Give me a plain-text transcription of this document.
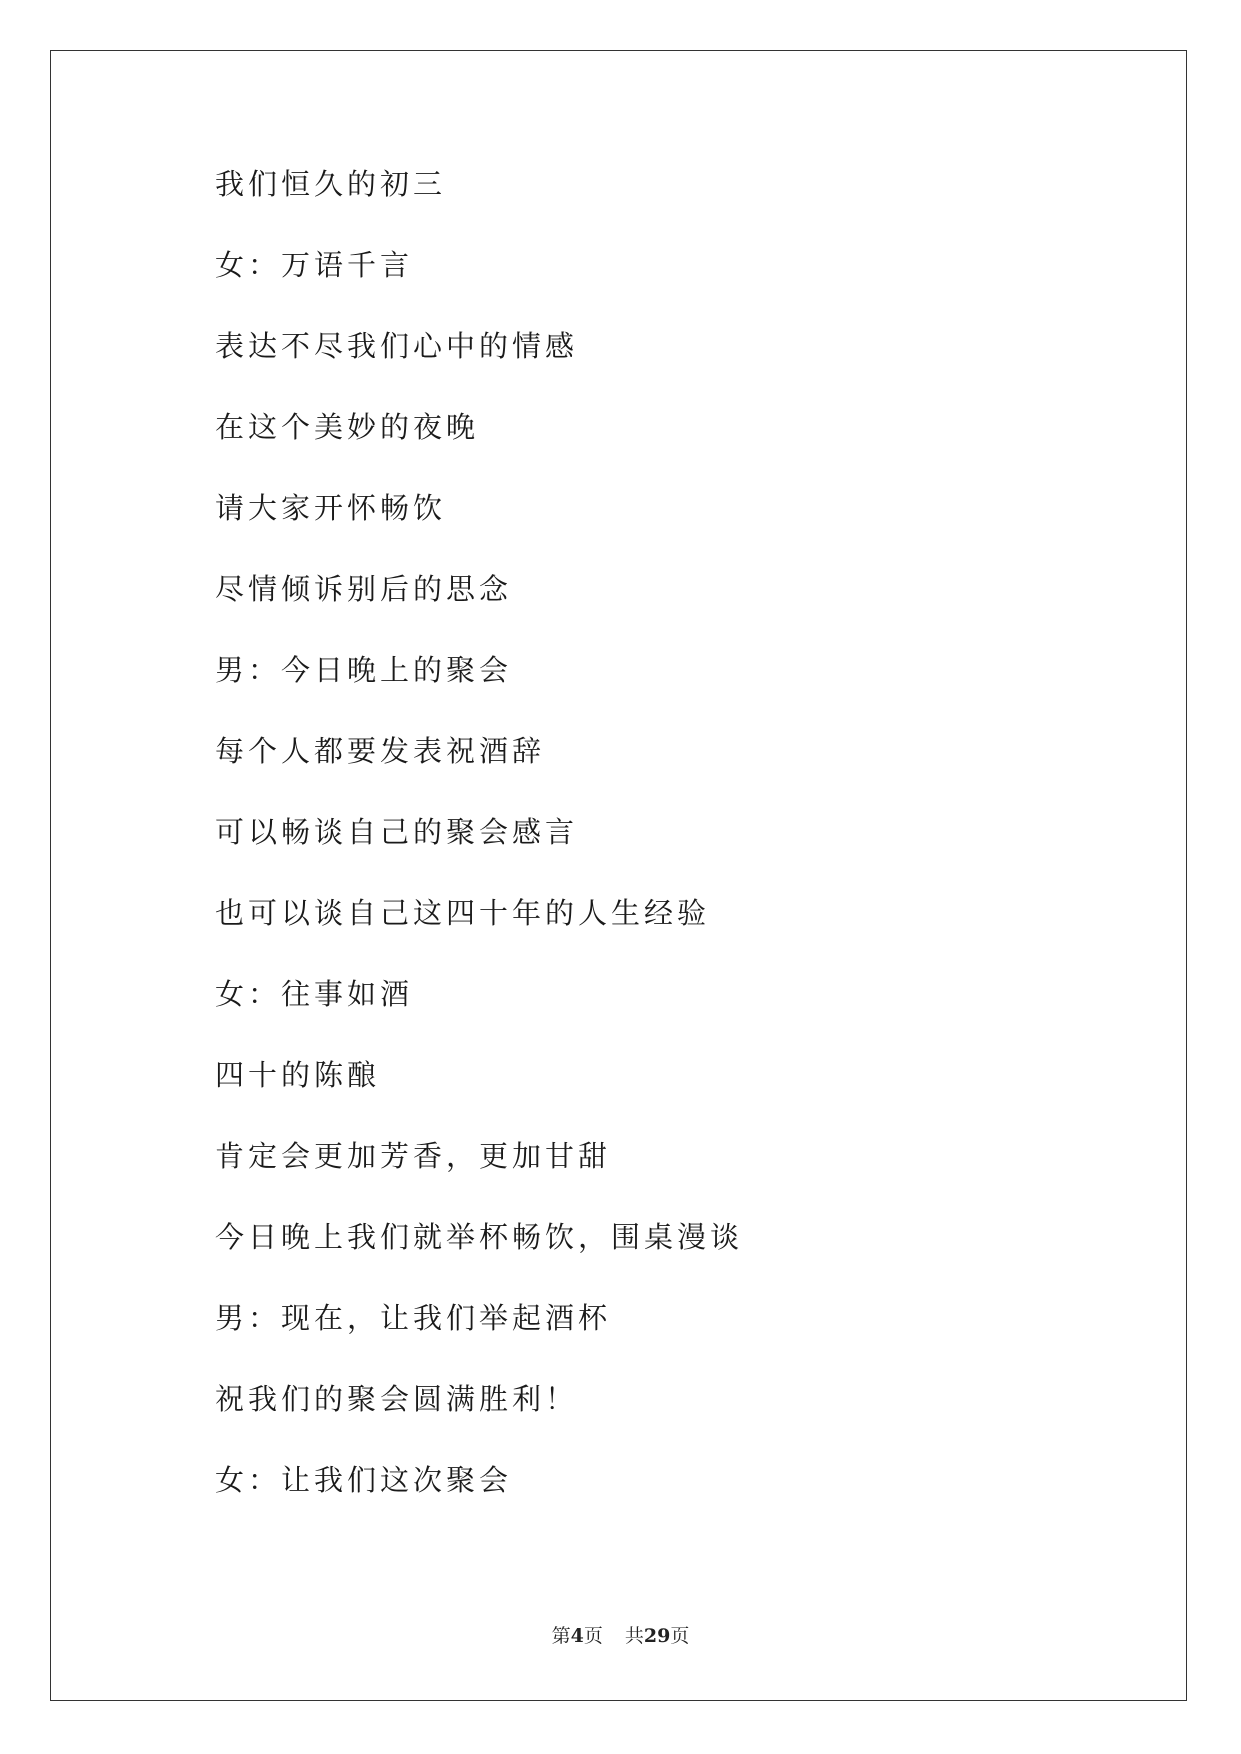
我们恒久的初三
女：万语千言
表达不尽我们心中的情感
在这个美妙的夜晚
请大家开怀畅饮
尽情倾诉别后的思念
男：今日晚上的聚会
每个人都要发表祝酒辞
可以畅谈自己的聚会感言
也可以谈自己这四十年的人生经验
女：往事如酒
四十的陈酿
肯定会更加芳香，更加甘甜
今日晚上我们就举杯畅饮，围桌漫谈
男：现在，让我们举起酒杯
祝我们的聚会圆满胜利！
女：让我们这次聚会
第4页 共29页
